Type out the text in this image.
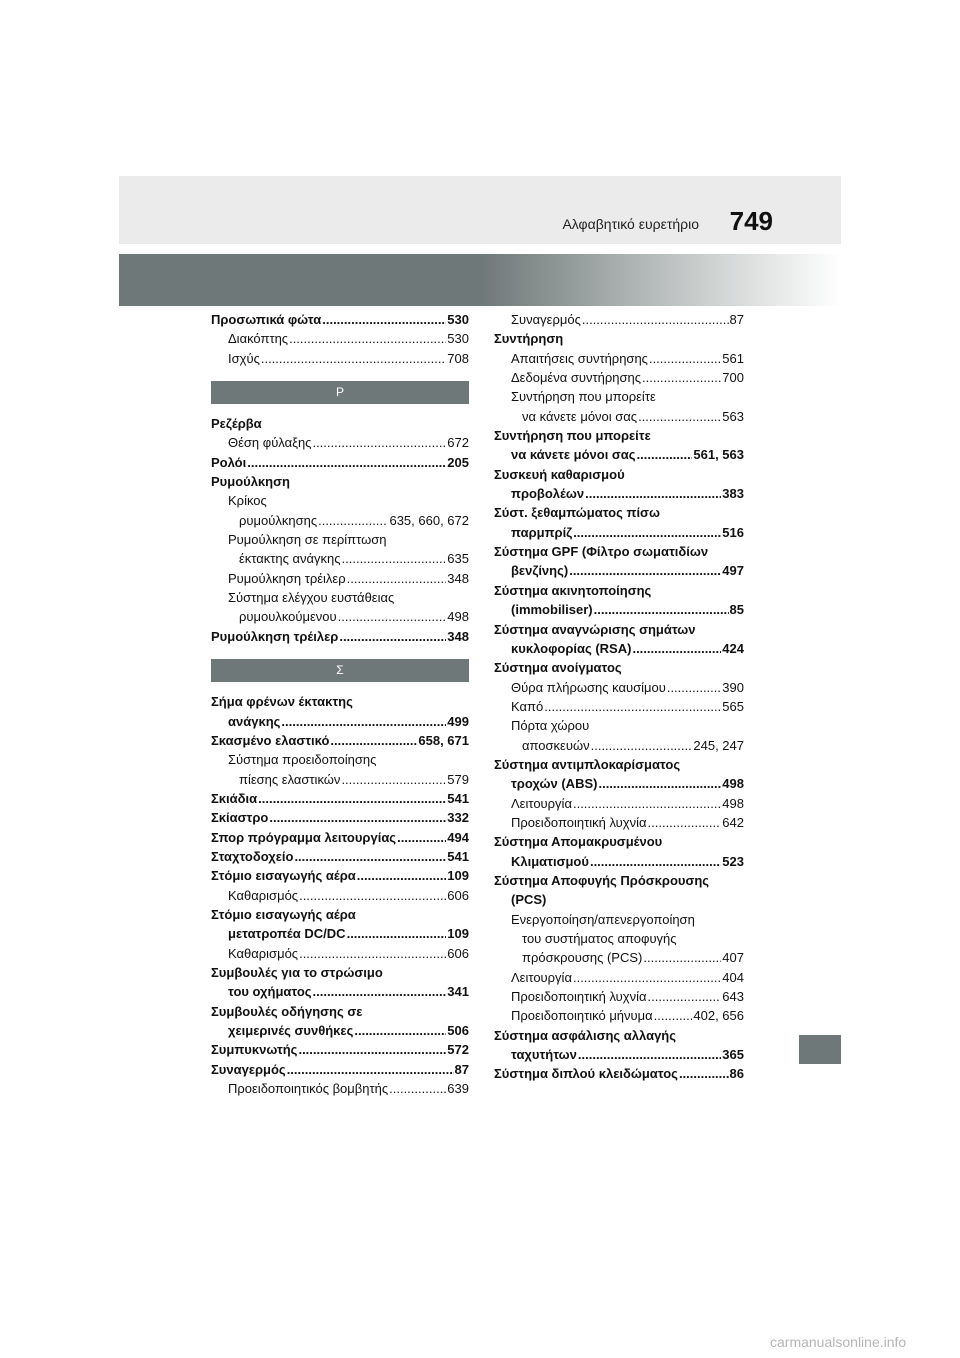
Αλφαβητικό ευρετήριο 749
Προσωπικά φώτα .....	530
Διακόπτης .....	530
Ισχύς .....	708
Ρ
Ρεζέρβα
Θέση φύλαξης .....	672
Ρολόι .....	205
Ρυμούλκηση
Κρίκος
ρυμούλκησης .....	635, 660, 672
Ρυμούλκηση σε περίπτωση
έκτακτης ανάγκης .....	635
Ρυμούλκηση τρέιλερ .....	348
Σύστημα ελέγχου ευστάθειας
ρυμουλκούμενου .....	498
Ρυμούλκηση τρέιλερ .....	348
Σ
Σήμα φρένων έκτακτης
ανάγκης .....	499
Σκασμένο ελαστικό .....	658, 671
Σύστημα προειδοποίησης
πίεσης ελαστικών .....	579
Σκιάδια .....	541
Σκίαστρο .....	332
Σπορ πρόγραμμα λειτουργίας .....	494
Σταχτοδοχείο .....	541
Στόμιο εισαγωγής αέρα .....	109
Καθαρισμός .....	606
Στόμιο εισαγωγής αέρα
μετατροπέα DC/DC .....	109
Καθαρισμός .....	606
Συμβουλές για το στρώσιμο
του οχήματος .....	341
Συμβουλές οδήγησης σε
χειμερινές συνθήκες .....	506
Συμπυκνωτής .....	572
Συναγερμός .....	87
Προειδοποιητικός βομβητής .....	639
Συναγερμός .....	87
Συντήρηση
Απαιτήσεις συντήρησης .....	561
Δεδομένα συντήρησης .....	700
Συντήρηση που μπορείτε
να κάνετε μόνοι σας .....	563
Συντήρηση που μπορείτε
να κάνετε μόνοι σας .....	561, 563
Συσκευή καθαρισμού
προβολέων .....	383
Σύστ. ξεθαμπώματος πίσω
παρμπρίζ .....	516
Σύστημα GPF (Φίλτρο σωματιδίων
βενζίνης) .....	497
Σύστημα ακινητοποίησης
(immobiliser) .....	85
Σύστημα αναγνώρισης σημάτων
κυκλοφορίας (RSA) .....	424
Σύστημα ανοίγματος
Θύρα πλήρωσης καυσίμου .....	390
Καπό .....	565
Πόρτα χώρου
αποσκευών .....	245, 247
Σύστημα αντιμπλοκαρίσματος
τροχών (ABS) .....	498
Λειτουργία .....	498
Προειδοποιητική λυχνία .....	642
Σύστημα Απομακρυσμένου
Κλιματισμού .....	523
Σύστημα Αποφυγής Πρόσκρουσης
(PCS)
Ενεργοποίηση/απενεργοποίηση
του συστήματος αποφυγής
πρόσκρουσης (PCS) .....	407
Λειτουργία .....	404
Προειδοποιητική λυχνία .....	643
Προειδοποιητικό μήνυμα .....	402, 656
Σύστημα ασφάλισης αλλαγής
ταχυτήτων .....	365
Σύστημα διπλού κλειδώματος .....	86
carmanualsonline.info
